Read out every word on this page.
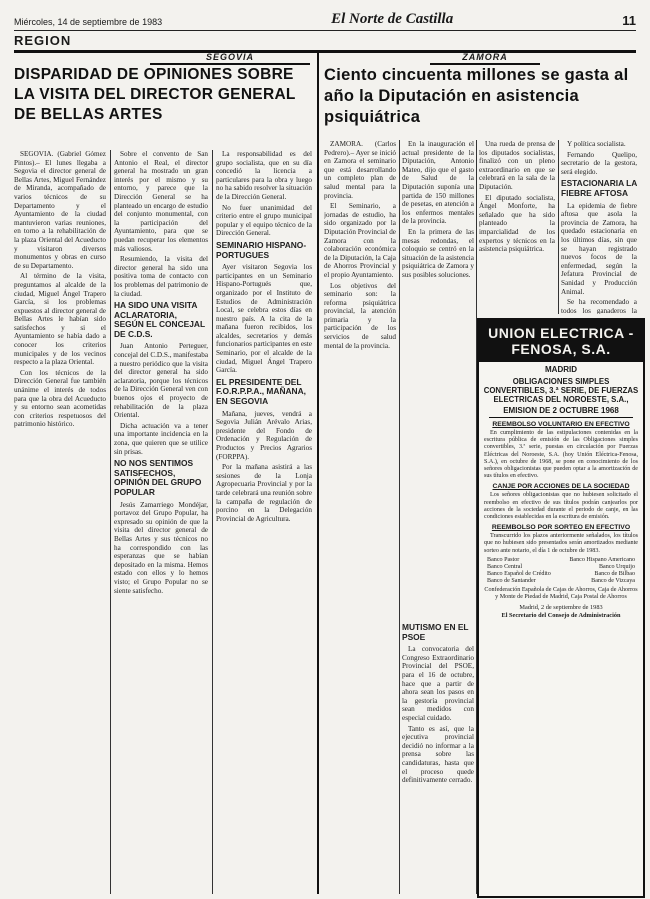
Miércoles, 14 de septiembre de 1983	El Norte de Castilla	11
REGION
SEGOVIA
DISPARIDAD DE OPINIONES SOBRE LA VISITA DEL DIRECTOR GENERAL DE BELLAS ARTES

SEGOVIA. (Gabriel Gómez Pintos).– El lunes llegaba a Segovia el director general de Bellas Artes, Miguel Fernández de Miranda, acompañado de varios técnicos de su Departamento y el Ayuntamiento de la ciudad mantuvieron varias reuniones, en torno a la rehabilitación de la plaza Oriental del Acueducto y visitaron diversos monumentos y obras en curso de su Departamento.

Al término de la visita, preguntamos al alcalde de la ciudad, Miguel Ángel Trapero García, si los problemas expuestos al director general de Bellas Artes le habían sido satisfechos y si el Ayuntamiento se había dado a conocer los criterios municipales y de los vecinos respecto a la plaza Oriental.

Con los técnicos de la Dirección General fue también unánime el interés de todos para que la obra del Acueducto y su entorno sean acometidas con criterios respetuosos del patrimonio histórico.

Sobre el convento de San Antonio el Real, el director general ha mostrado un gran interés por el mismo y su entorno, y parece que la Dirección General se ha planteado un encargo de estudio del conjunto monumental, con la participación del Ayuntamiento, para que se puedan recuperar los elementos más valiosos.

Resumiendo, la visita del director general ha sido una positiva toma de contacto con los problemas del patrimonio de la ciudad.

HA SIDO UNA VISITA ACLARATORIA, SEGÚN EL CONCEJAL DE C.D.S.

Juan Antonio Perteguer, concejal del C.D.S., manifestaba a nuestro periódico que la visita del director general ha sido aclaratoria, porque los técnicos de la Dirección General ven con buenos ojos el proyecto de rehabilitación de la plaza Oriental.

Dicha actuación va a tener una importante incidencia en la zona, que quieren que se utilice sin prisas.

NO NOS SENTIMOS SATISFECHOS, OPINIÓN DEL GRUPO POPULAR

Jesús Zamarriego Mondéjar, portavoz del Grupo Popular, ha expresado su opinión de que la visita del director general de Bellas Artes y sus técnicos no ha correspondido con las esperanzas que se habían depositado en la misma. Hemos estado con ellos y lo hemos visto; el Grupo Popular no se siente satisfecho.

La responsabilidad es del grupo socialista, que en su día concedió la licencia a particulares para la obra y luego no ha sabido resolver la situación de la Dirección General.

No fuer unanimidad del criterio entre el grupo municipal popular y el equipo técnico de la Dirección General.

SEMINARIO HISPANO-PORTUGUES

Ayer visitaron Segovia los participantes en un Seminario Hispano-Portugués que, organizado por el Instituto de Estudios de Administración Local, se celebra estos días en nuestro país. A la cita de la mañana fueron recibidos, los alcaldes, secretarios y demás funcionarios participantes en este Seminario, por el alcalde de la ciudad, Miguel Ángel Trapero García.

EL PRESIDENTE DEL F.O.R.P.P.A., MAÑANA, EN SEGOVIA

Mañana, jueves, vendrá a Segovia Julián Arévalo Arias, presidente del Fondo de Ordenación y Regulación de Productos y Precios Agrarios (FORPPA).

Por la mañana asistirá a las sesiones de la Lonja Agropecuaria Provincial y por la tarde celebrará una reunión sobre la campaña de regulación de porcino en la Delegación Provincial de Agricultura.

ZAMORA
Ciento cincuenta millones se gasta al año la Diputación en asistencia psiquiátrica

ZAMORA. (Carlos Pedrero).– Ayer se inició en Zamora el seminario que está desarrollando un completo plan de salud mental para la provincia.

El Seminario, a jornadas de estudio, ha sido organizado por la Diputación Provincial de Zamora con la colaboración económica de la Diputación, la Caja de Ahorros Provincial y el propio Ayuntamiento.

Los objetivos del seminario son: la reforma psiquiátrica provincial, la atención primaria y la participación de los servicios de salud mental de la provincia.

En la inauguración el actual presidente de la Diputación, Antonio Mateo, dijo que el gasto de Salud de la Diputación suponía una partida de 150 millones de pesetas, en atención a los enfermos mentales de la provincia.

En la primera de las mesas redondas, el coloquio se centró en la situación de la asistencia psiquiátrica de Zamora y sus posibles soluciones.

Una rueda de prensa de los diputados socialistas, finalizó con un pleno extraordinario en que se celebrará en la sala de la Diputación.

El diputado socialista, Ángel Monforte, ha señalado que ha sido planteado la imparcialidad de los expertos y técnicos en la asistencia psiquiátrica.

Y política socialista.

Fernando Quelipo, secretario de la gestora, será elegido.

ESTACIONARIA LA FIEBRE AFTOSA

La epidemia de fiebre aftosa que asola la provincia de Zamora, ha quedado estacionaria en los últimos días, sin que se hayan registrado nuevos focos de la enfermedad, según la Jefatura Provincial de Sanidad y Producción Animal.

Se ha recomendado a todos los ganaderos la

MUTISMO EN EL PSOE

La convocatoria del Congreso Extraordinario Provincial del PSOE, para el 16 de octubre, hace que a partir de ahora sean los pasos en la gestoría provincial sean medidos con especial cuidado.

Tanto es así, que la ejecutiva provincial decidió no informar a la prensa sobre las candidaturas, hasta que el proceso quede definitivamente cerrado.

UNION ELECTRICA - FENOSA, S.A.
MADRID
OBLIGACIONES SIMPLES CONVERTIBLES, 3.ª SERIE, DE FUERZAS ELECTRICAS DEL NOROESTE, S.A.,
EMISION DE 2 OCTUBRE 1968
REEMBOLSO VOLUNTARIO EN EFECTIVO

En cumplimiento de las estipulaciones contenidas en la escritura pública de emisión de las Obligaciones simples convertibles, 3.ª serie, puestas en circulación por Fuerzas Eléctricas del Noroeste, S.A. (hoy Unión Eléctrica-Fenosa, S.A.), en octubre de 1968, se pone en conocimiento de los señores obligacionistas que pueden optar a la amortización de sus títulos en efectivo.

CANJE POR ACCIONES DE LA SOCIEDAD

Los señores obligacionistas que no hubiesen solicitado el reembolso en efectivo de sus títulos podrán canjearlos por acciones de la sociedad durante el periodo de canje, en las condiciones establecidas en la escritura de emisión.

REEMBOLSO POR SORTEO EN EFECTIVO

Transcurrido los plazos anteriormente señalados, los títulos que no hubiesen sido presentados serán amortizados mediante sorteo ante notario, el día 1 de octubre de 1983.

Banco Pastor	Banco Hispano Americano
Banco Central	Banco Urquijo
Banco Español de Crédito	Banco de Bilbao
Banco de Santander	Banco de Vizcaya
Confederación Española de Cajas de Ahorros, Caja de Ahorros y Monte de Piedad de Madrid, Caja Postal de Ahorros
Madrid, 2 de septiembre de 1983
El Secretario del Consejo de Administración
